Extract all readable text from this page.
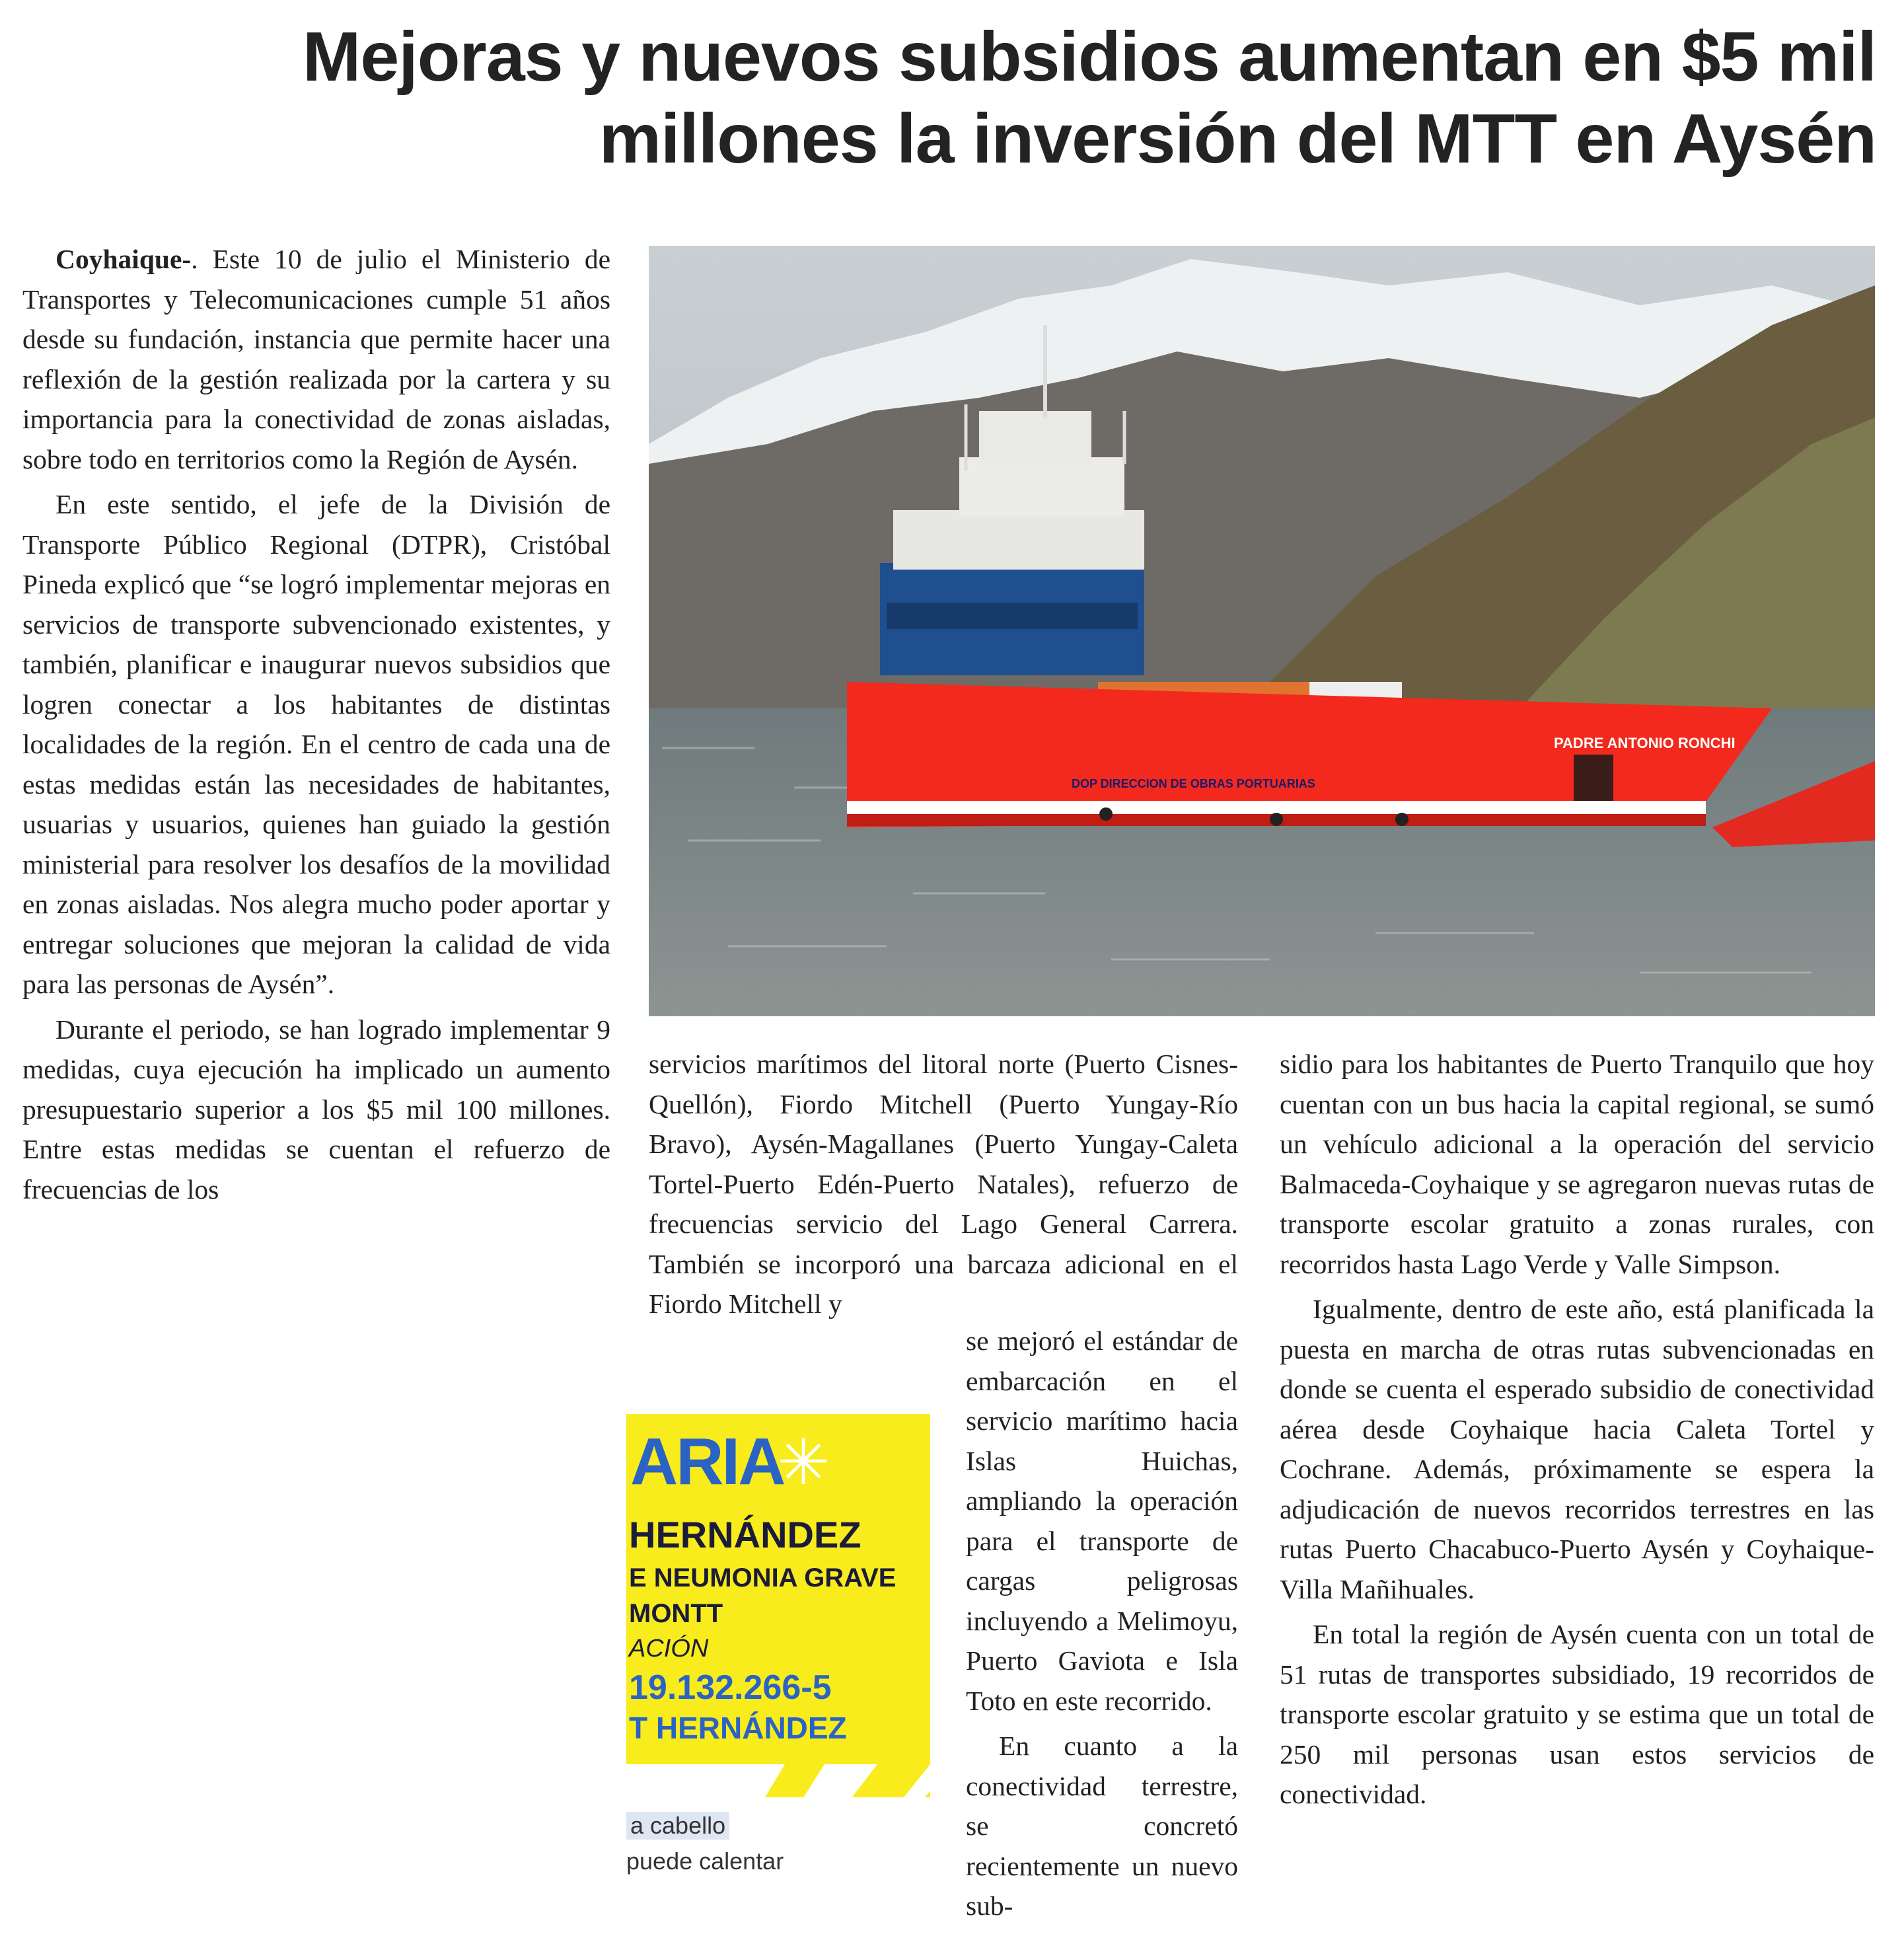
Mejoras y nuevos subsidios aumentan en $5 mil
millones la inversión del MTT en Aysén

Coyhaique-. Este 10 de julio el Ministerio de Transportes y Telecomunicaciones cumple 51 años desde su fundación, instancia que permite hacer una reflexión de la gestión realizada por la cartera y su importancia para la conectividad de zonas aisladas, sobre todo en territorios como la Región de Aysén.

En este sentido, el jefe de la División de Transporte Público Regional (DTPR), Cristóbal Pineda explicó que “se logró implementar mejoras en servicios de transporte subvencionado existentes, y también, planificar e inaugurar nuevos subsidios que logren conectar a los habitantes de distintas localidades de la región. En el centro de cada una de estas medidas están las necesidades de habitantes, usuarias y usuarios, quienes han guiado la gestión ministerial para resolver los desafíos de la movilidad en zonas aisladas. Nos alegra mucho poder aportar y entregar soluciones que mejoran la calidad de vida para las personas de Aysén”.

Durante el periodo, se han logrado implementar 9 medidas, cuya ejecución ha implicado un aumento presupuestario superior a los $5 mil 100 millones. Entre estas medidas se cuentan el refuerzo de frecuencias de los

PADRE ANTONIO RONCHI
DOP DIRECCION DE OBRAS PORTUARIAS

servicios marítimos del litoral norte (Puerto Cisnes-Quellón), Fiordo Mitchell (Puerto Yungay-Río Bravo), Aysén-Magallanes (Puerto Yungay-Caleta Tortel-Puerto Edén-Puerto Natales), refuerzo de frecuencias servicio del Lago General Carrera. También se incorporó una barcaza adicional en el Fiordo Mitchell y

se mejoró el estándar de embarcación en el servicio marítimo hacia Islas Huichas, ampliando la operación para el transporte de cargas peligrosas incluyendo a Melimoyu, Puerto Gaviota e Isla Toto en este recorrido.

En cuanto a la conectividad terrestre, se concretó recientemente un nuevo sub-

sidio para los habitantes de Puerto Tranquilo que hoy cuentan con un bus hacia la capital regional, se sumó un vehículo adicional a la operación del servicio Balmaceda-Coyhaique y se agregaron nuevas rutas de transporte escolar gratuito a zonas rurales, con recorridos hasta Lago Verde y Valle Simpson.

Igualmente, dentro de este año, está planificada la puesta en marcha de otras rutas subvencionadas en donde se cuenta el esperado subsidio de conectividad aérea desde Coyhaique hacia Caleta Tortel y Cochrane. Además, próximamente se espera la adjudicación de nuevos recorridos terrestres en las rutas Puerto Chacabuco-Puerto Aysén y Coyhaique-Villa Mañihuales.

En total la región de Aysén cuenta con un total de 51 rutas de transportes subsidiado, 19 recorridos de transporte escolar gratuito y se estima que un total de 250 mil personas usan estos servicios de conectividad.

ARIA
✳
HERNÁNDEZ
E NEUMONIA GRAVE
MONTT
ACIÓN
19.132.266-5
T HERNÁNDEZ
a cabello
puede calentar
